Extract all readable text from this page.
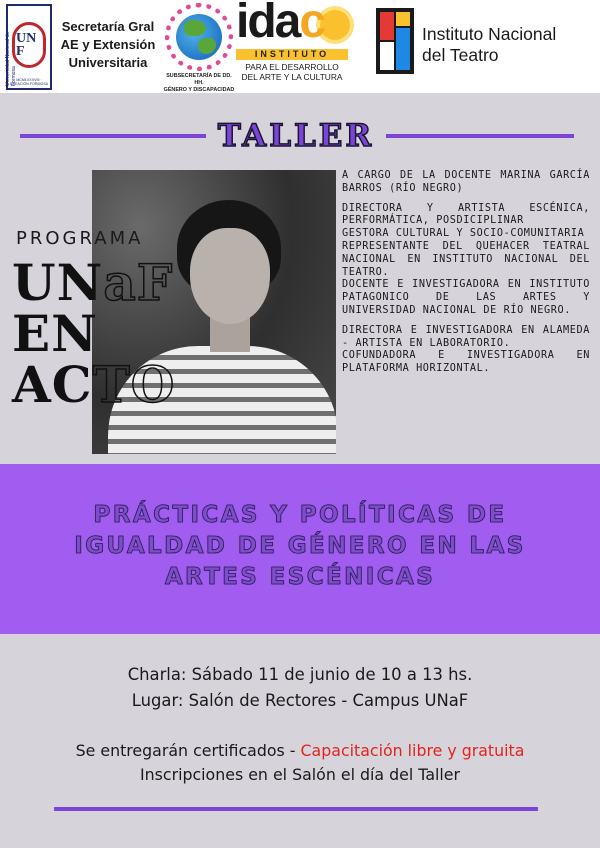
Universidad Nacional de Formosa
UN
F
MCMLXXXVIII · CREACIÓN FORMOSA
Secretaría Gral
AE y Extensión
Universitaria
SUBSECRETARÍA DE DD. HH.
GÉNERO Y DISCAPACIDAD
idac
INSTITUTO
PARA EL DESARROLLO
DEL ARTE Y LA CULTURA
Instituto Nacional
del Teatro
TALLER
PROGRAMA
UNaF
EN
ACTO

A CARGO DE LA DOCENTE MARINA GARCÍA BARROS (RÍO NEGRO)

DIRECTORA Y ARTISTA ESCÉNICA, PERFORMÁTICA, POSDICIPLINAR
GESTORA CULTURAL Y SOCIO-COMUNITARIA
REPRESENTANTE DEL QUEHACER TEATRAL NACIONAL EN INSTITUTO NACIONAL DEL TEATRO.
DOCENTE E INVESTIGADORA EN INSTITUTO PATAGONICO DE LAS ARTES Y UNIVERSIDAD NACIONAL DE RÍO NEGRO.

DIRECTORA E INVESTIGADORA EN ALAMEDA - ARTISTA EN LABORATORIO.
COFUNDADORA E INVESTIGADORA EN PLATAFORMA HORIZONTAL.

PRÁCTICAS Y POLÍTICAS DE
IGUALDAD DE GÉNERO EN LAS
ARTES ESCÉNICAS
Charla: Sábado 11 de junio de 10 a 13 hs.
Lugar: Salón de Rectores - Campus UNaF
Se entregarán certificados - Capacitación libre y gratuita
Inscripciones en el Salón el día del Taller
